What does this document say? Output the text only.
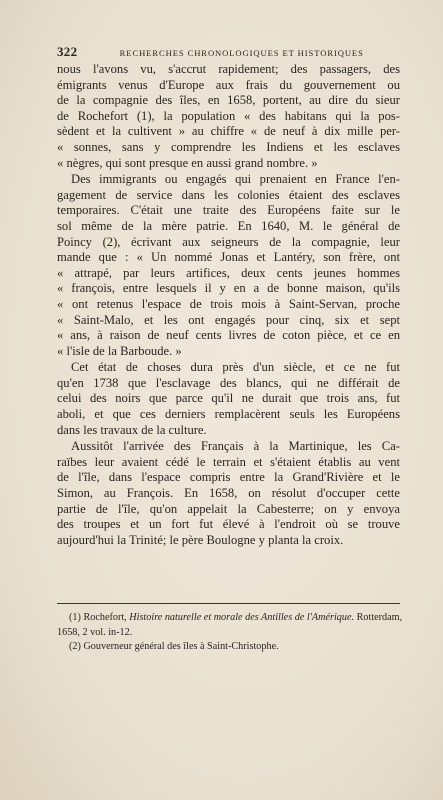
322	RECHERCHES CHRONOLOGIQUES ET HISTORIQUES
nous l'avons vu, s'accrut rapidement; des passagers, des
émigrants venus d'Europe aux frais du gouvernement ou
de la compagnie des îles, en 1658, portent, au dire du sieur
de Rochefort (1), la population « des habitans qui la pos-
sèdent et la cultivent » au chiffre « de neuf à dix mille per-
« sonnes, sans y comprendre les Indiens et les esclaves
« nègres, qui sont presque en aussi grand nombre. »
Des immigrants ou engagés qui prenaient en France l'en-
gagement de service dans les colonies étaient des esclaves
temporaires. C'était une traite des Européens faite sur le
sol même de la mère patrie. En 1640, M. le général de
Poincy (2), écrivant aux seigneurs de la compagnie, leur
mande que : « Un nommé Jonas et Lantéry, son frère, ont
« attrapé, par leurs artifices, deux cents jeunes hommes
« françois, entre lesquels il y en a de bonne maison, qu'ils
« ont retenus l'espace de trois mois à Saint-Servan, proche
« Saint-Malo, et les ont engagés pour cinq, six et sept
« ans, à raison de neuf cents livres de coton pièce, et ce en
« l'isle de la Barboude. »
Cet état de choses dura près d'un siècle, et ce ne fut
qu'en 1738 que l'esclavage des blancs, qui ne différait de
celui des noirs que parce qu'il ne durait que trois ans, fut
aboli, et que ces derniers remplacèrent seuls les Européens
dans les travaux de la culture.
Aussitôt l'arrivée des Français à la Martinique, les Ca-
raïbes leur avaient cédé le terrain et s'étaient établis au vent
de l'île, dans l'espace compris entre la Grand'Rivière et le
Simon, au François. En 1658, on résolut d'occuper cette
partie de l'île, qu'on appelait la Cabesterre; on y envoya
des troupes et un fort fut élevé à l'endroit où se trouve
aujourd'hui la Trinité; le père Boulogne y planta la croix.
(1) Rochefort, Histoire naturelle et morale des Antilles de l'Amérique. Rotterdam,
1658, 2 vol. in-12.
(2) Gouverneur général des îles à Saint-Christophe.
